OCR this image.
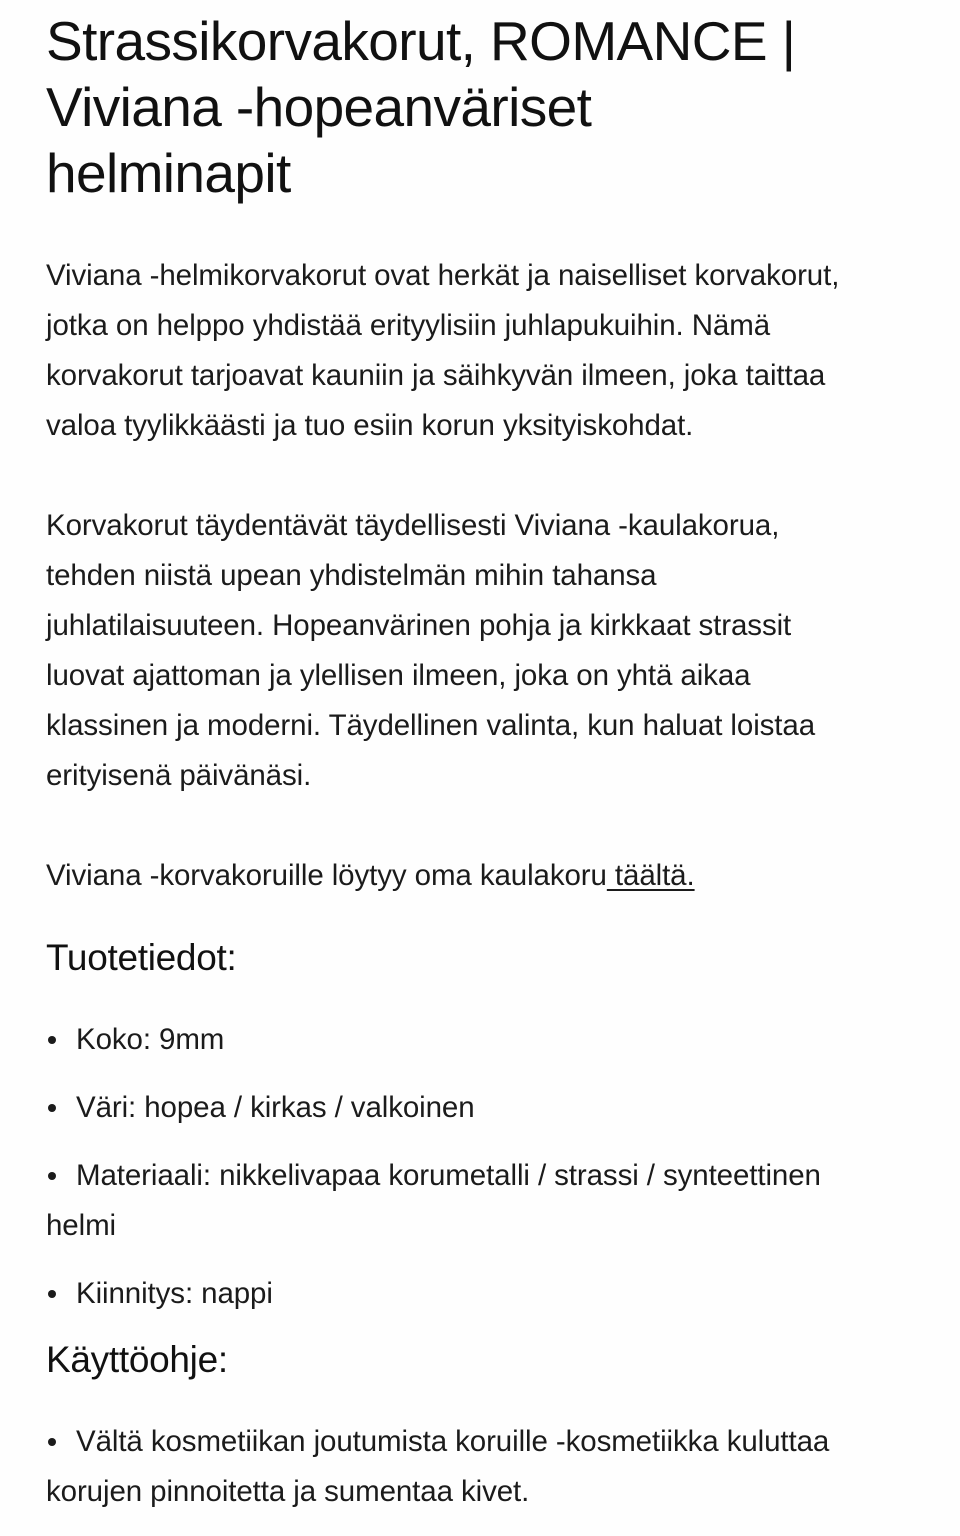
Strassikorvakorut, ROMANCE | Viviana -hopeanväriset helminapit

Viviana -helmikorvakorut ovat herkät ja naiselliset korvakorut, jotka on helppo yhdistää erityylisiin juhlapukuihin. Nämä korvakorut tarjoavat kauniin ja säihkyvän ilmeen, joka taittaa valoa tyylikkäästi ja tuo esiin korun yksityiskohdat.

Korvakorut täydentävät täydellisesti Viviana -kaulakorua, tehden niistä upean yhdistelmän mihin tahansa juhlatilaisuuteen. Hopeanvärinen pohja ja kirkkaat strassit luovat ajattoman ja ylellisen ilmeen, joka on yhtä aikaa klassinen ja moderni. Täydellinen valinta, kun haluat loistaa erityisenä päivänäsi.

Viviana -korvakoruille löytyy oma kaulakoru täältä.

Tuotetiedot:
Koko: 9mm
Väri: hopea / kirkas / valkoinen
Materiaali: nikkelivapaa korumetalli / strassi / synteettinen helmi
Kiinnitys: nappi
Käyttöohje:
Vältä kosmetiikan joutumista koruille -kosmetiikka kuluttaa korujen pinnoitetta ja sumentaa kivet.
